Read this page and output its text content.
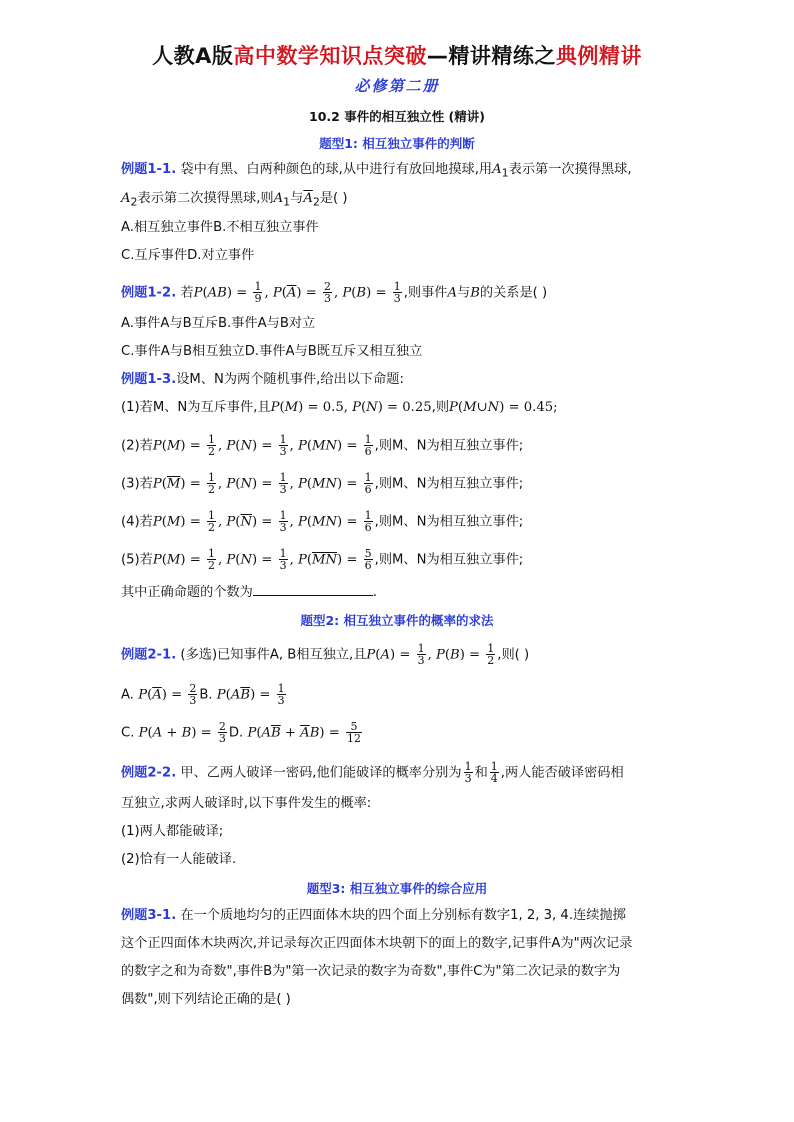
人教A版高中数学知识点突破—精讲精练之典例精讲
必修第二册
10.2 事件的相互独立性 (精讲)
题型1: 相互独立事件的判断
例题1-1. 袋中有黑、白两种颜色的球,从中进行有放回地摸球,用$A_1$表示第一次摸得黑球,
$A_2$表示第二次摸得黑球,则$A_1$与$\overline{A}_2$是( )
A.相互独立事件B.不相互独立事件
C.互斥事件D.对立事件
例题1-2. 若$P(AB) = \frac{1}{9}$ , $P(\overline{A}) = \frac{2}{3}$ , $P(B) = \frac{1}{3}$ ,则事件A与B的关系是( )
A.事件A与B互斥B.事件A与B对立
C.事件A与B相互独立D.事件A与B既互斥又相互独立
例题1-3.设M、N为两个随机事件,给出以下命题:
(1)若M、N为互斥事件,且P(M) = 0.5, P(N) = 0.25,则P(M∪N) = 0.45;
(2)若$P(M) = \frac{1}{2}$ , $P(N) = \frac{1}{3}$ , $P(MN) = \frac{1}{6}$ ,则M、N为相互独立事件;
(3)若$P(\overline{M}) = \frac{1}{2}$ , $P(N) = \frac{1}{3}$ , $P(MN) = \frac{1}{6}$ ,则M、N为相互独立事件;
(4)若$P(M) = \frac{1}{2}$ , $P(\overline{N}) = \frac{1}{3}$ , $P(MN) = \frac{1}{6}$ ,则M、N为相互独立事件;
(5)若$P(M) = \frac{1}{2}$ , $P(N) = \frac{1}{3}$ , $P(\overline{MN}) = \frac{5}{6}$ ,则M、N为相互独立事件;
其中正确命题的个数为	.
题型2: 相互独立事件的概率的求法
例题2-1. (多选)已知事件A, B相互独立,且$P(A) = \frac{1}{3}$ , $P(B) = \frac{1}{2}$ ,则( )
A. $P(\overline{A}) = \frac{2}{3} B$. $P(A\overline{B}) = \frac{1}{3}$
C. $P(A + B) = \frac{2}{3} D$. $P(A\overline{B} + \overline{A}B) = \frac{5}{12}$
例题2-2. 甲、乙两人破译一密码,他们能破译的概率分别为 $\frac{1}{3}$ 和 $\frac{1}{4}$ ,两人能否破译密码相
互独立,求两人破译时,以下事件发生的概率:
(1)两人都能破译;
(2)恰有一人能破译.
题型3: 相互独立事件的综合应用
例题3-1. 在一个质地均匀的正四面体木块的四个面上分别标有数字1, 2, 3, 4.连续抛掷
这个正四面体木块两次,并记录每次正四面体木块朝下的面上的数字,记事件A为"两次记录
的数字之和为奇数",事件B为"第一次记录的数字为奇数",事件C为"第二次记录的数字为
偶数",则下列结论正确的是( )
